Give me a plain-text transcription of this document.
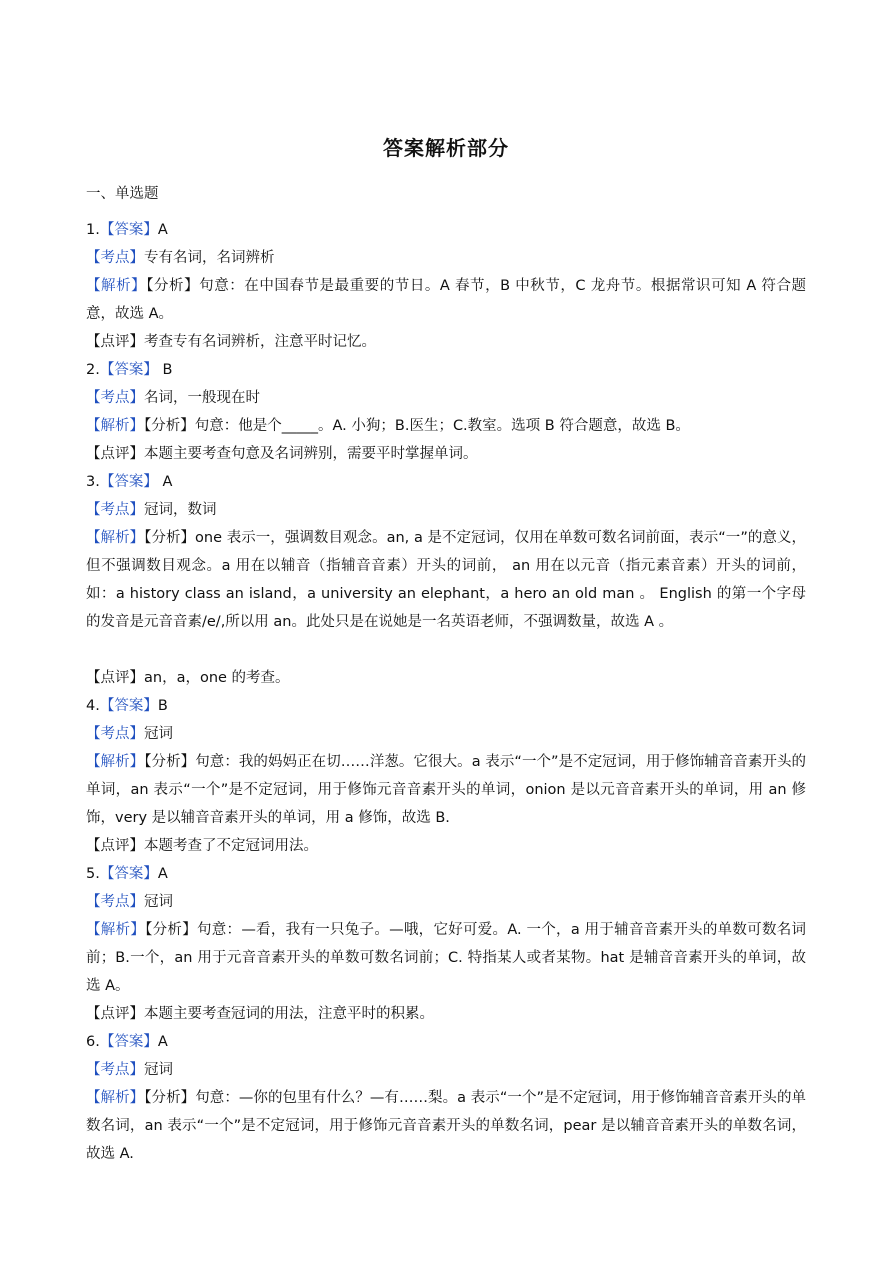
答案解析部分
一、单选题
1.【答案】A
【考点】专有名词，名词辨析
【解析】【分析】句意：在中国春节是最重要的节日。A 春节，B 中秋节，C 龙舟节。根据常识可知 A 符合题意，故选 A。
【点评】考查专有名词辨析，注意平时记忆。
2.【答案】 B
【考点】名词，一般现在时
【解析】【分析】句意：他是个_____。A. 小狗；B.医生；C.教室。选项 B 符合题意，故选 B。
【点评】本题主要考查句意及名词辨别，需要平时掌握单词。
3.【答案】 A
【考点】冠词，数词
【解析】【分析】one 表示一，强调数目观念。an, a 是不定冠词，仅用在单数可数名词前面，表示“一”的意义，但不强调数目观念。a 用在以辅音（指辅音音素）开头的词前， an 用在以元音（指元素音素）开头的词前，如：a history class an island，a university an elephant，a hero an old man 。 English 的第一个字母的发音是元音音素/e/,所以用 an。此处只是在说她是一名英语老师，不强调数量，故选 A 。
【点评】an，a，one 的考查。
4.【答案】B
【考点】冠词
【解析】【分析】句意：我的妈妈正在切……洋葱。它很大。a 表示“一个”是不定冠词，用于修饰辅音音素开头的单词，an 表示“一个”是不定冠词，用于修饰元音音素开头的单词，onion 是以元音音素开头的单词，用 an 修饰，very 是以辅音音素开头的单词，用 a 修饰，故选 B.
【点评】本题考查了不定冠词用法。
5.【答案】A
【考点】冠词
【解析】【分析】句意：—看，我有一只兔子。—哦，它好可爱。A. 一个，a 用于辅音音素开头的单数可数名词前；B.一个，an 用于元音音素开头的单数可数名词前；C. 特指某人或者某物。hat 是辅音音素开头的单词，故选 A。
【点评】本题主要考查冠词的用法，注意平时的积累。
6.【答案】A
【考点】冠词
【解析】【分析】句意：—你的包里有什么？—有……梨。a 表示“一个”是不定冠词，用于修饰辅音音素开头的单数名词，an 表示“一个”是不定冠词，用于修饰元音音素开头的单数名词，pear 是以辅音音素开头的单数名词，故选 A.
